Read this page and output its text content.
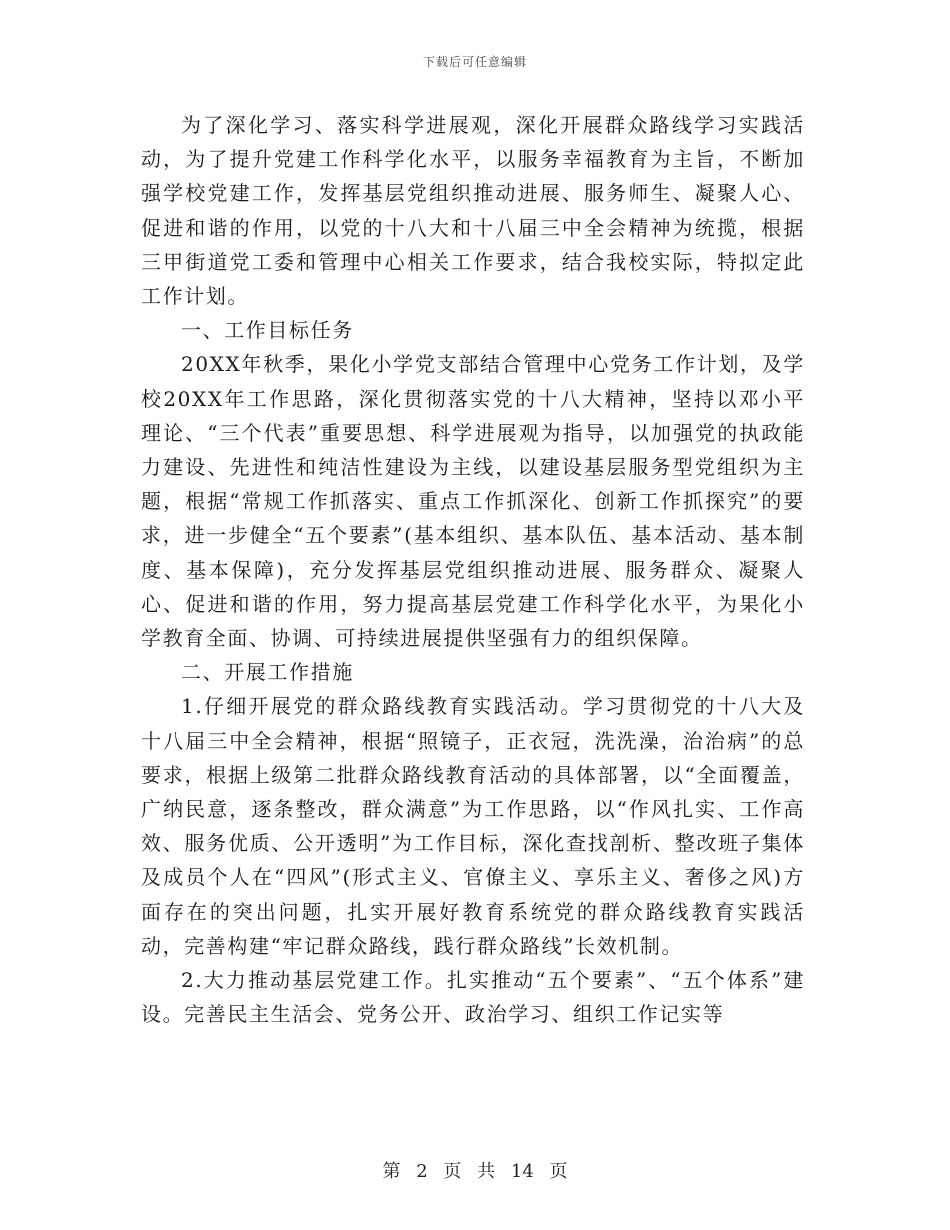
下载后可任意编辑

为了深化学习、落实科学进展观，深化开展群众路线学习实践活动，为了提升党建工作科学化水平，以服务幸福教育为主旨，不断加强学校党建工作，发挥基层党组织推动进展、服务师生、凝聚人心、促进和谐的作用，以党的十八大和十八届三中全会精神为统揽，根据三甲街道党工委和管理中心相关工作要求，结合我校实际，特拟定此工作计划。

一、工作目标任务

20XX年秋季，果化小学党支部结合管理中心党务工作计划，及学校20XX年工作思路，深化贯彻落实党的十八大精神，坚持以邓小平理论、“三个代表”重要思想、科学进展观为指导，以加强党的执政能力建设、先进性和纯洁性建设为主线，以建设基层服务型党组织为主题，根据“常规工作抓落实、重点工作抓深化、创新工作抓探究”的要求，进一步健全“五个要素”(基本组织、基本队伍、基本活动、基本制度、基本保障)，充分发挥基层党组织推动进展、服务群众、凝聚人心、促进和谐的作用，努力提高基层党建工作科学化水平，为果化小学教育全面、协调、可持续进展提供坚强有力的组织保障。

二、开展工作措施

1.仔细开展党的群众路线教育实践活动。学习贯彻党的十八大及十八届三中全会精神，根据“照镜子，正衣冠，洗洗澡，治治病”的总要求，根据上级第二批群众路线教育活动的具体部署，以“全面覆盖，广纳民意，逐条整改，群众满意”为工作思路，以“作风扎实、工作高效、服务优质、公开透明”为工作目标，深化查找剖析、整改班子集体及成员个人在“四风”(形式主义、官僚主义、享乐主义、奢侈之风)方面存在的突出问题，扎实开展好教育系统党的群众路线教育实践活动，完善构建“牢记群众路线，践行群众路线”长效机制。

2.大力推动基层党建工作。扎实推动“五个要素”、“五个体系”建设。完善民主生活会、党务公开、政治学习、组织工作记实等

第 2 页 共 14 页
